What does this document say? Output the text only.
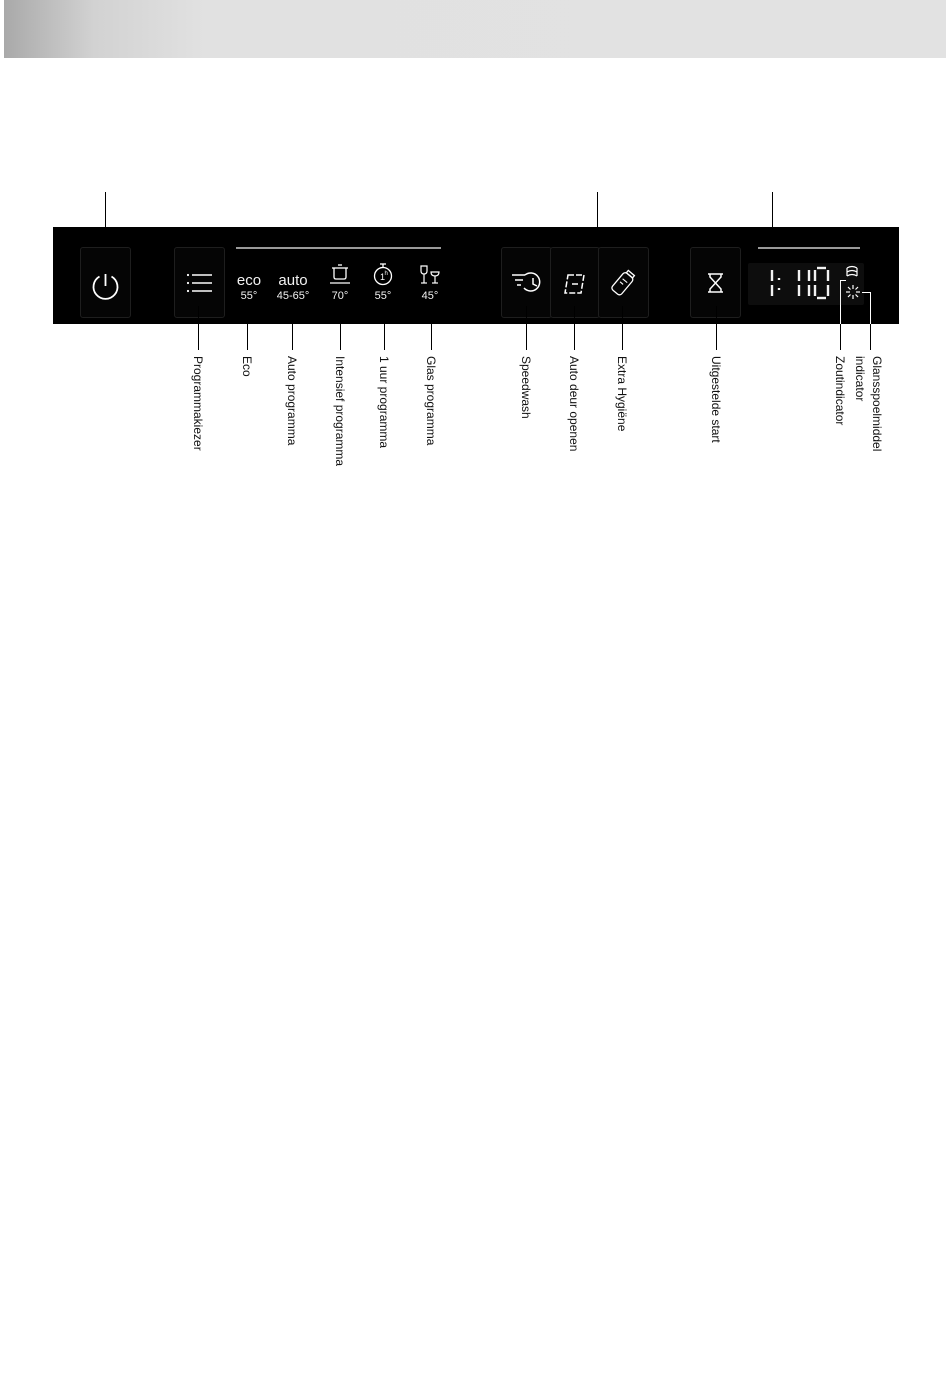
eco
55°
auto
45-65°	70°
1 h
55°	45°
Programmakiezer	Eco	Auto programma	Intensief programma	1 uur programma	Glas programma	Speedwash	Auto deur openen	Extra Hygiëne	Uitgestelde start	Zoutindicator Glansspoelmiddel
indicator
